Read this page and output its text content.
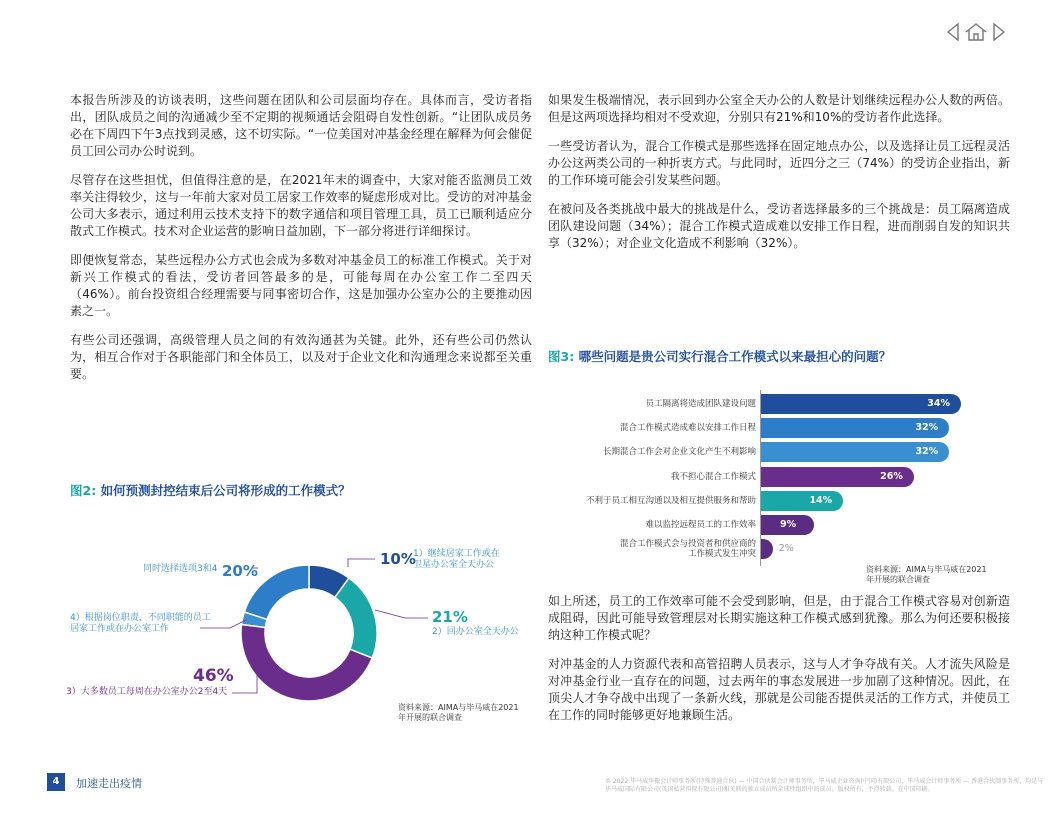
本报告所涉及的访谈表明，这些问题在团队和公司层面均存在。具体而言，受访者指出，团队成员之间的沟通减少至不定期的视频通话会阻碍自发性创新。“让团队成员务必在下周四下午3点找到灵感，这不切实际。“一位美国对冲基金经理在解释为何会催促员工回公司办公时说到。

尽管存在这些担忧，但值得注意的是，在2021年末的调查中，大家对能否监测员工效率关注得较少，这与一年前大家对员工居家工作效率的疑虑形成对比。受访的对冲基金公司大多表示，通过利用云技术支持下的数字通信和项目管理工具，员工已顺利适应分散式工作模式。技术对企业运营的影响日益加剧，下一部分将进行详细探讨。

即便恢复常态，某些远程办公方式也会成为多数对冲基金员工的标准工作模式。关于对新兴工作模式的看法，受访者回答最多的是，可能每周在办公室工作二至四天（46%）。前台投资组合经理需要与同事密切合作，这是加强办公室办公的主要推动因素之一。

有些公司还强调，高级管理人员之间的有效沟通甚为关键。此外，还有些公司仍然认为，相互合作对于各职能部门和全体员工，以及对于企业文化和沟通理念来说都至关重要。

如果发生极端情况，表示回到办公室全天办公的人数是计划继续远程办公人数的两倍。但是这两项选择均相对不受欢迎，分别只有21%和10%的受访者作此选择。

一些受访者认为，混合工作模式是那些选择在固定地点办公，以及选择让员工远程灵活办公这两类公司的一种折衷方式。与此同时，近四分之三（74%）的受访企业指出，新的工作环境可能会引发某些问题。

在被问及各类挑战中最大的挑战是什么，受访者选择最多的三个挑战是：员工隔离造成团队建设问题（34%）；混合工作模式造成难以安排工作日程，进而削弱自发的知识共享（32%）；对企业文化造成不利影响（32%）。

图2: 如何预测封控结束后公司将形成的工作模式？
10%
1）继续居家工作或在
卫星办公室全天办公
21%
2）回办公室全天办公
46%
3）大多数员工每周在办公室办公2至4天
4）根据岗位职责，不同职能的员工
居家工作或在办公室工作
同时选择选项3和4 20%
资料来源：AIMA与毕马威在2021
年开展的联合调查
图3: 哪些问题是贵公司实行混合工作模式以来最担心的问题？
员工隔离将造成团队建设问题	34%
混合工作模式造成难以安排工作日程	32%
长期混合工作会对企业文化产生不利影响	32%
我不担心混合工作模式	26%
不利于员工相互沟通以及相互提供服务和帮助	14%
难以监控远程员工的工作效率	9%
混合工作模式会与投资者和供应商的
工作模式发生冲突 2%
资料来源：AIMA与毕马威在2021
年开展的联合调查

如上所述，员工的工作效率可能不会受到影响，但是，由于混合工作模式容易对创新造成阻碍，因此可能导致管理层对长期实施这种工作模式感到犹豫。那么为何还要积极接纳这种工作模式呢？

对冲基金的人力资源代表和高管招聘人员表示，这与人才争夺战有关。人才流失风险是对冲基金行业一直存在的问题，过去两年的事态发展进一步加剧了这种情况。因此，在顶尖人才争夺战中出现了一条新火线，那就是公司能否提供灵活的工作方式，并使员工在工作的同时能够更好地兼顾生活。

4	加速走出疫情	© 2022 毕马威华振会计师事务所(特殊普通合伙) — 中国合伙制会计师事务所，毕马威企业咨询(中国)有限公司，毕马威会计师事务所 — 香港合伙制事务所，均是与毕马威国际有限公司(英国私营担保有限公司)相关联的独立成员所全球性组织中的成员。版权所有，不得转载。在中国印刷。
